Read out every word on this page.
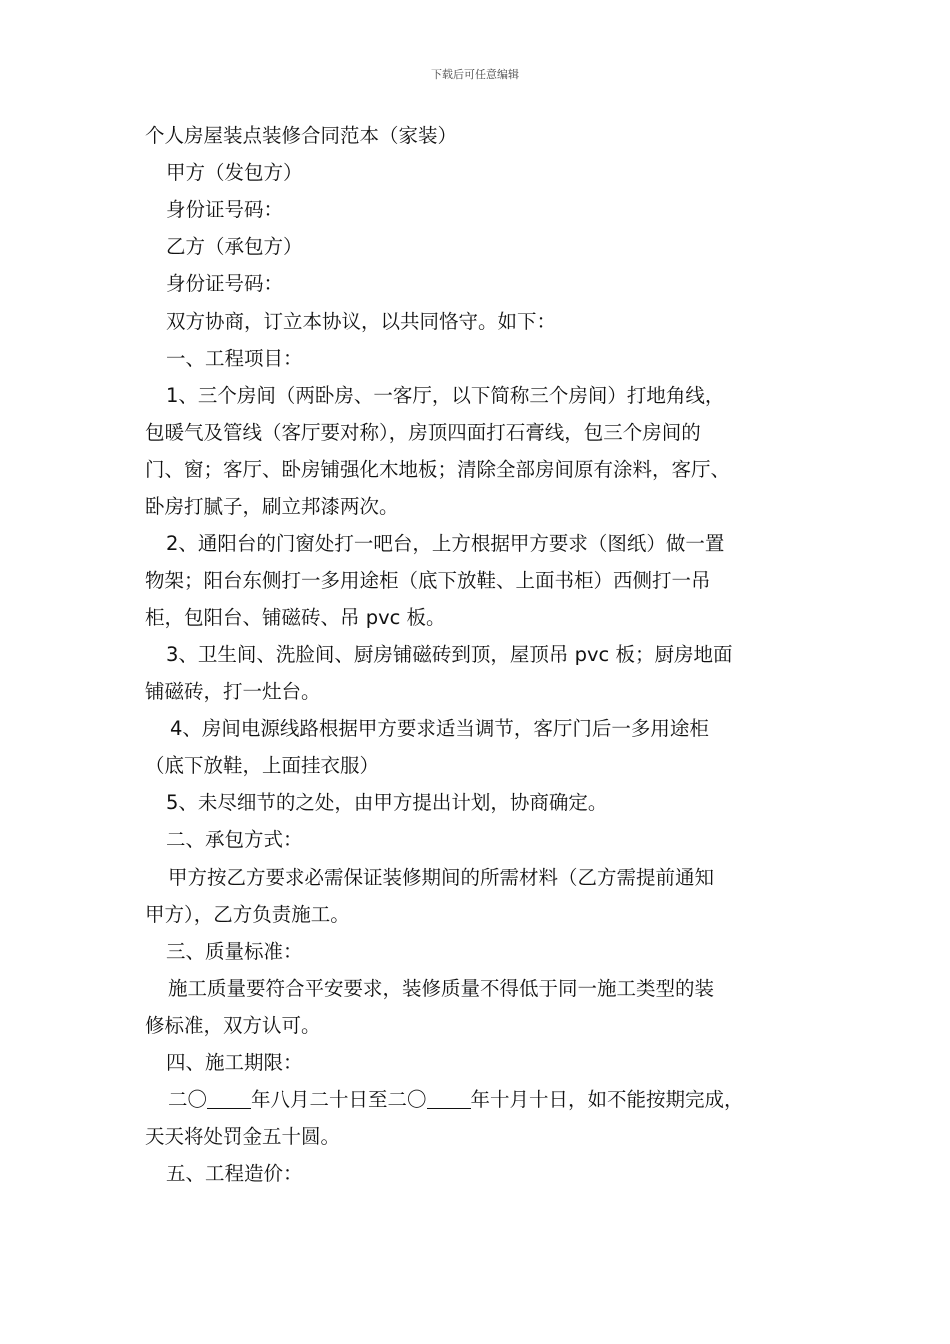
下载后可任意编辑
个人房屋装点装修合同范本（家装）
甲方（发包方）
身份证号码：
乙方（承包方）
身份证号码：
双方协商，订立本协议，以共同恪守。如下：
一、工程项目：
1、三个房间（两卧房、一客厅，以下简称三个房间）打地角线，
包暖气及管线（客厅要对称），房顶四面打石膏线，包三个房间的
门、窗；客厅、卧房铺强化木地板；清除全部房间原有涂料，客厅、
卧房打腻子，刷立邦漆两次。
2、通阳台的门窗处打一吧台，上方根据甲方要求（图纸）做一置
物架；阳台东侧打一多用途柜（底下放鞋、上面书柜）西侧打一吊
柜，包阳台、铺磁砖、吊 pvc 板。
3、卫生间、洗脸间、厨房铺磁砖到顶，屋顶吊 pvc 板；厨房地面
铺磁砖，打一灶台。
4、房间电源线路根据甲方要求适当调节，客厅门后一多用途柜
（底下放鞋，上面挂衣服）
5、未尽细节的之处，由甲方提出计划，协商确定。
二、承包方式：
甲方按乙方要求必需保证装修期间的所需材料（乙方需提前通知
甲方），乙方负责施工。
三、质量标准：
施工质量要符合平安要求，装修质量不得低于同一施工类型的装
修标准，双方认可。
四、施工期限：
二〇 年八月二十日至二〇 年十月十日，如不能按期完成，
天天将处罚金五十圆。
五、工程造价：
